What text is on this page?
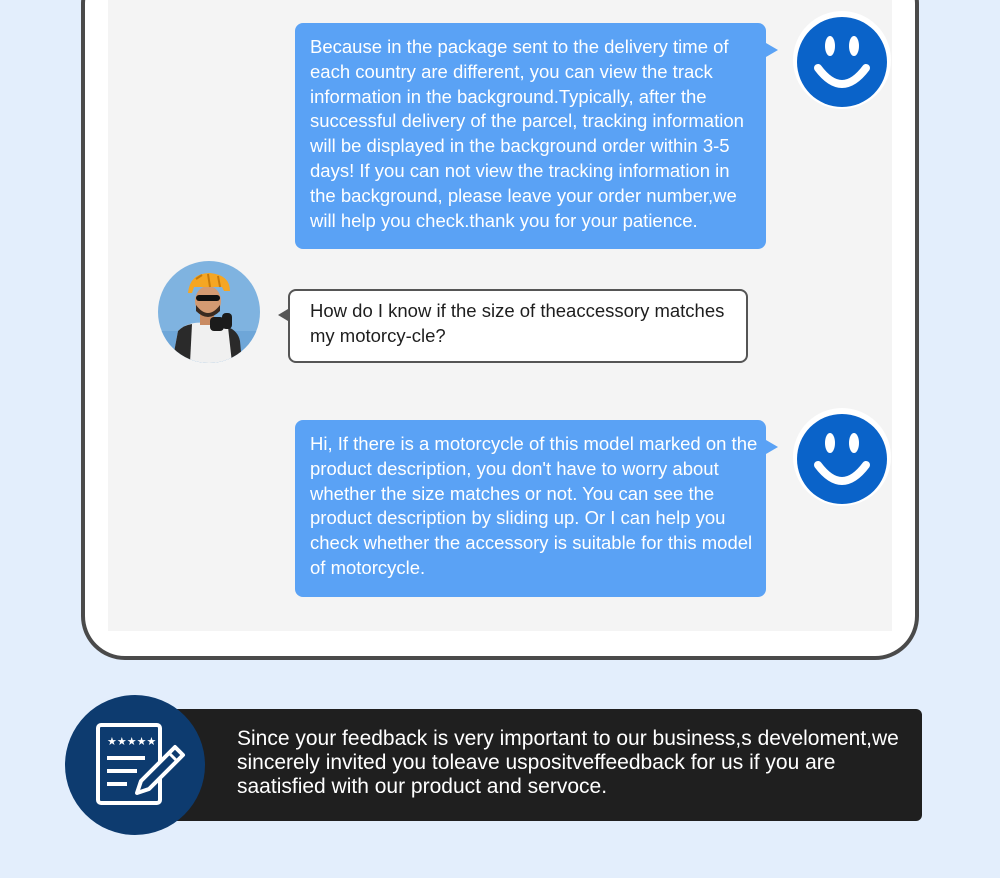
Because in the package sent to the delivery time of each country are different, you can view the track information in the background.Typically, after the successful delivery of the parcel, tracking information will be displayed in the background order within 3-5 days! If you can not view the tracking information in the background, please leave your order number,we will help you check.thank you for your patience.
How do I know if the size of theaccessory matches my motorcy-cle?
Hi, If there is a motorcycle of this model marked on the product description, you don't have to worry about whether the size matches or not. You can see the product description by sliding up. Or I can help you check whether the accessory is suitable for this model of motorcycle.
Since your feedback is very important to our business,s develoment,we sincerely invited you toleave uspositveffeedback for us if you are saatisfied with our product and servoce.
★★★★★
